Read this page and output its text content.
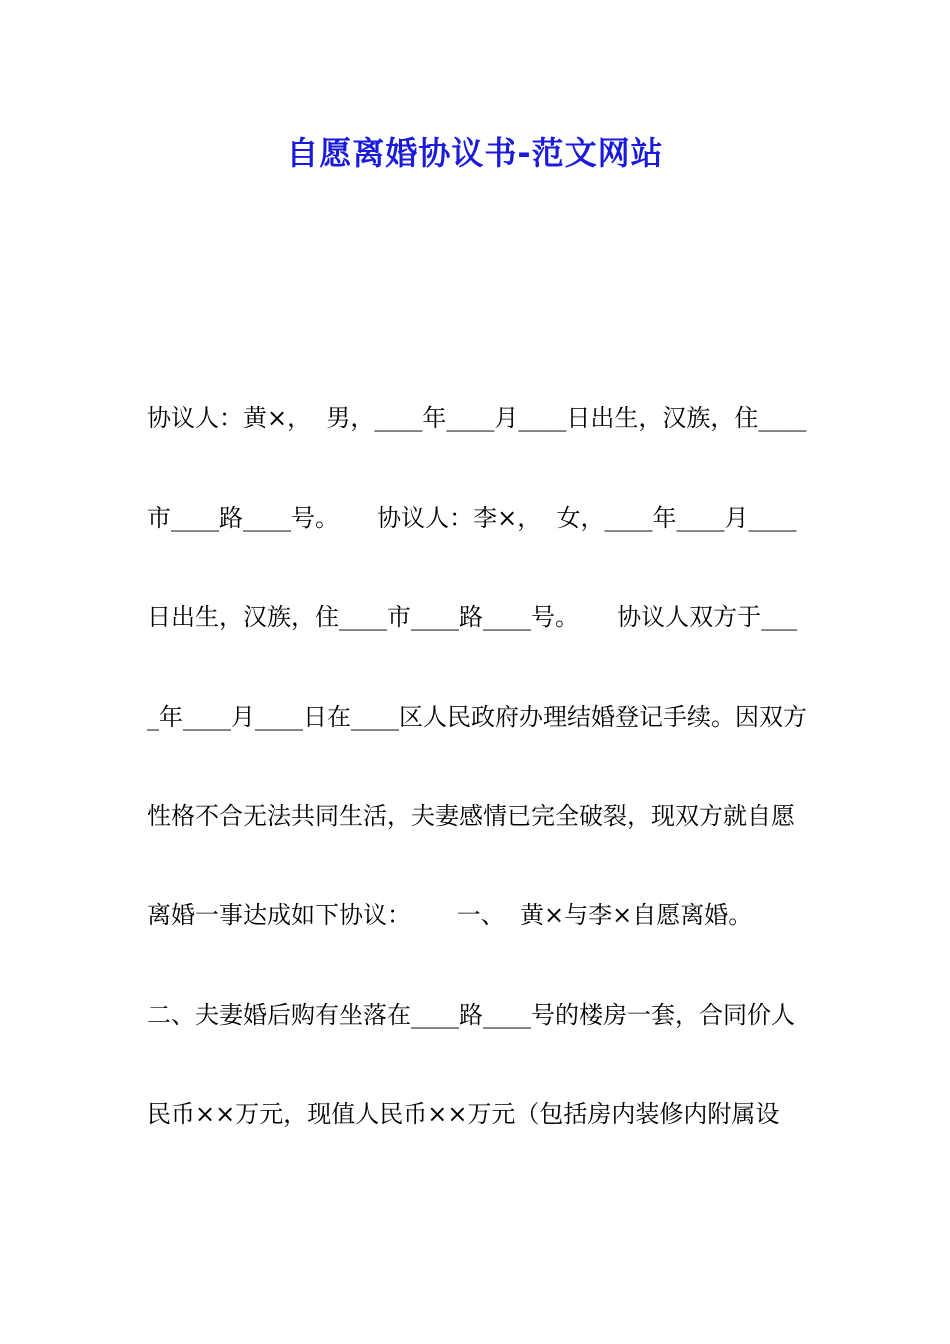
自愿离婚协议书-范文网站
协议人：黄×，  男，____年____月____日出生，汉族，住____
市____路____号。     协议人：李×，  女，____年____月____
日出生，汉族，住____市____路____号。     协议人双方于___
_年____月____日在____区人民政府办理结婚登记手续。因双方
性格不合无法共同生活，夫妻感情已完全破裂，现双方就自愿
离婚一事达成如下协议：      一、  黄×与李×自愿离婚。
二、夫妻婚后购有坐落在____路____号的楼房一套，合同价人
民币××万元，现值人民币××万元（包括房内装修内附属设
